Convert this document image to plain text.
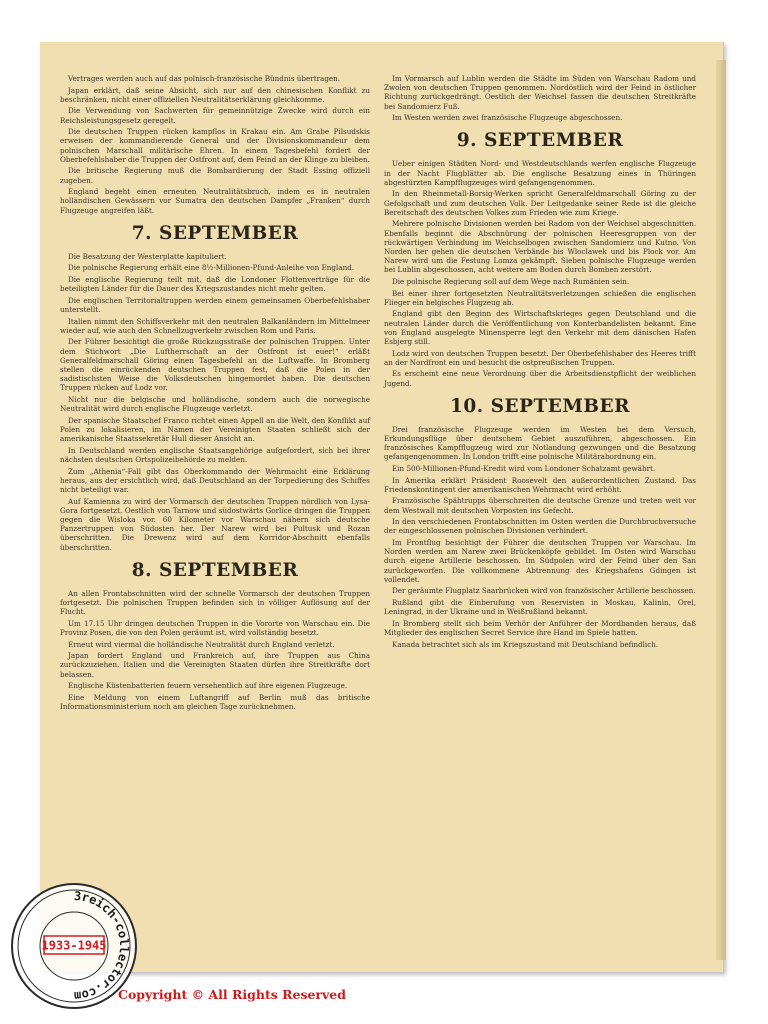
Vertrages werden auch auf das polnisch-französische Bündnis übertragen.

Japan erklärt, daß seine Absicht, sich nur auf den chinesischen Konflikt zu beschränken, nicht einer offiziellen Neutralitätserklärung gleichkomme.

Die Verwendung von Sachwerten für gemeinnützige Zwecke wird durch ein Reichsleistungsgesetz geregelt.

Die deutschen Truppen rücken kampflos in Krakau ein. Am Grabe Pilsudskis erweisen der kommandierende General und der Divisionskommandeur dem polnischen Marschall militärische Ehren. In einem Tagesbefehl fordert der Oberbefehlshaber die Truppen der Ostfront auf, dem Feind an der Klinge zu bleiben.

Die britische Regierung muß die Bombardierung der Stadt Essing offiziell zugeben.

England begeht einen erneuten Neutralitätsbruch, indem es in neutralen holländischen Gewässern vor Sumatra den deutschen Dampfer „Franken“ durch Flugzeuge angreifen läßt.

7. SEPTEMBER

Die Besatzung der Westerplatte kapituliert.

Die polnische Regierung erhält eine 8½-Millionen-Pfund-Anleihe von England.

Die englische Regierung teilt mit, daß die Londoner Flottenverträge für die beteiligten Länder für die Dauer des Kriegszustandes nicht mehr gelten.

Die englischen Territorialtruppen werden einem gemeinsamen Oberbefehlshaber unterstellt.

Italien nimmt den Schiffsverkehr mit den neutralen Balkanländern im Mittelmeer wieder auf, wie auch den Schnellzugverkehr zwischen Rom und Paris.

Der Führer besichtigt die große Rückzugsstraße der polnischen Truppen. Unter dem Stichwort „Die Luftherrschaft an der Ostfront ist euer!“ erläßt Generalfeldmarschall Göring einen Tagesbefehl an die Luftwaffe. In Bromberg stellen die einrückenden deutschen Truppen fest, daß die Polen in der sadistischsten Weise die Volksdeutschen hingemordet haben. Die deutschen Truppen rücken auf Lodz vor.

Nicht nur die belgische und holländische, sondern auch die norwegische Neutralität wird durch englische Flugzeuge verletzt.

Der spanische Staatschef Franco richtet einen Appell an die Welt, den Konflikt auf Polen zu lokalisieren, im Namen der Vereinigten Staaten schließt sich der amerikanische Staatssekretär Hull dieser Ansicht an.

In Deutschland werden englische Staatsangehörige aufgefordert, sich bei ihrer nächsten deutschen Ortspolizeibehörde zu melden.

Zum „Athenia“-Fall gibt das Oberkommando der Wehrmacht eine Erklärung heraus, aus der ersichtlich wird, daß Deutschland an der Torpedierung des Schiffes nicht beteiligt war.

Auf Kamienna zu wird der Vormarsch der deutschen Truppen nördlich von Lysa-Gora fortgesetzt. Oestlich von Tarnow und südostwärts Gorlice dringen die Truppen gegen die Wisloka vor. 60 Kilometer vor Warschau nähern sich deutsche Panzertruppen von Südosten her. Der Narew wird bei Pultusk und Rozan überschritten. Die Drewenz wird auf dem Korridor-Abschnitt ebenfalls überschritten.

8. SEPTEMBER

An allen Frontabschnitten wird der schnelle Vormarsch der deutschen Truppen fortgesetzt. Die polnischen Truppen befinden sich in völliger Auflösung auf der Flucht.

Um 17.15 Uhr dringen deutschen Truppen in die Vororte von Warschau ein. Die Provinz Posen, die von den Polen geräumt ist, wird vollständig besetzt.

Erneut wird viermal die holländische Neutralität durch England verletzt.

Japan fordert England und Frankreich auf, ihre Truppen aus China zurückzuziehen. Italien und die Vereinigten Staaten dürfen ihre Streitkräfte dort belassen.

Englische Küstenbatterien feuern versehentlich auf ihre eigenen Flugzeuge.

Eine Meldung von einem Luftangriff auf Berlin muß das britische Informationsministerium noch am gleichen Tage zurücknehmen.

Im Vormarsch auf Lublin werden die Städte im Süden von Warschau Radom und Zwolen von deutschen Truppen genommen. Nordöstlich wird der Feind in östlicher Richtung zurückgedrängt. Oestlich der Weichsel fassen die deutschen Streitkräfte bei Sandomierz Fuß.

Im Westen werden zwei französische Flugzeuge abgeschossen.

9. SEPTEMBER

Ueber einigen Städten Nord- und Westdeutschlands werfen englische Flugzeuge in der Nacht Flugblätter ab. Die englische Besatzung eines in Thüringen abgestürzten Kampfflugzeuges wird gefangengenommen.

In den Rheinmetall-Borsig-Werken spricht Generalfeldmarschall Göring zu der Gefolgschaft und zum deutschen Volk. Der Leitgedanke seiner Rede ist die gleiche Bereitschaft des deutschen Volkes zum Frieden wie zum Kriege.

Mehrere polnische Divisionen werden bei Radom von der Weichsel abgeschnitten. Ebenfalls beginnt die Abschnürung der polnischen Heeresgruppen von der rückwärtigen Verbindung im Weichselbogen zwischen Sandomierz und Kutno. Von Norden her gehen die deutschen Verbände bis Wloclawek und bis Plock vor. Am Narew wird um die Festung Lomza gekämpft. Sieben polnische Flugzeuge werden bei Lublin abgeschossen, acht weitere am Boden durch Bomben zerstört.

Die polnische Regierung soll auf dem Wege nach Rumänien sein.

Bei einer ihrer fortgesetzten Neutralitätsverletzungen schießen die englischen Flieger ein belgisches Flugzeug ab.

England gibt den Beginn des Wirtschaftskrieges gegen Deutschland und die neutralen Länder durch die Veröffentlichung von Konterbandelisten bekannt. Eine von England ausgelegte Minensperre legt den Verkehr mit dem dänischen Hafen Esbjerg still.

Lodz wird von deutschen Truppen besetzt. Der Oberbefehlshaber des Heeres trifft an der Nordfront ein und besucht die ostpreußischen Truppen.

Es erscheint eine neue Verordnung über die Arbeitsdienstpflicht der weiblichen Jugend.

10. SEPTEMBER

Drei französische Flugzeuge werden im Westen bei dem Versuch, Erkundungsflüge über deutschem Gebiet auszuführen, abgeschossen. Ein französisches Kampfflugzeug wird zur Notlandung gezwungen und die Besatzung gefangengenommen. In London trifft eine polnische Militärabordnung ein.

Ein 500-Millionen-Pfund-Kredit wird vom Londoner Schatzamt gewährt.

In Amerika erklärt Präsident Roosevelt den außerordentlichen Zustand. Das Friedenskontingent der amerikanischen Wehrmacht wird erhöht.

Französische Spähtrupps überschreiten die deutsche Grenze und treten weit vor dem Westwall mit deutschen Vorposten ins Gefecht.

In den verschiedenen Frontabschnitten im Osten werden die Durchbruchversuche der eingeschlossenen polnischen Divisionen verhindert.

Im Frontflug besichtigt der Führer die deutschen Truppen vor Warschau. Im Norden werden am Narew zwei Brückenköpfe gebildet. Im Osten wird Warschau durch eigene Artillerie beschossen. Im Südpolen wird der Feind über den San zurückgeworfen. Die vollkommene Abtrennung des Kriegshafens Gdingen ist vollendet.

Der geräumte Flugplatz Saarbrücken wird von französischer Artillerie beschossen.

Rußland gibt die Einberufung von Reservisten in Moskau, Kalinin, Orel, Leningrad, in der Ukraine und in Weißrußland bekannt.

In Bromberg stellt sich beim Verhör der Anführer der Mordbanden heraus, daß Mitglieder des englischen Secret Service ihre Hand im Spiele hatten.

Kanada betrachtet sich als im Kriegszustand mit Deutschland befindlich.

3reich-collector.com
1933-1945
Copyright © All Rights Reserved
